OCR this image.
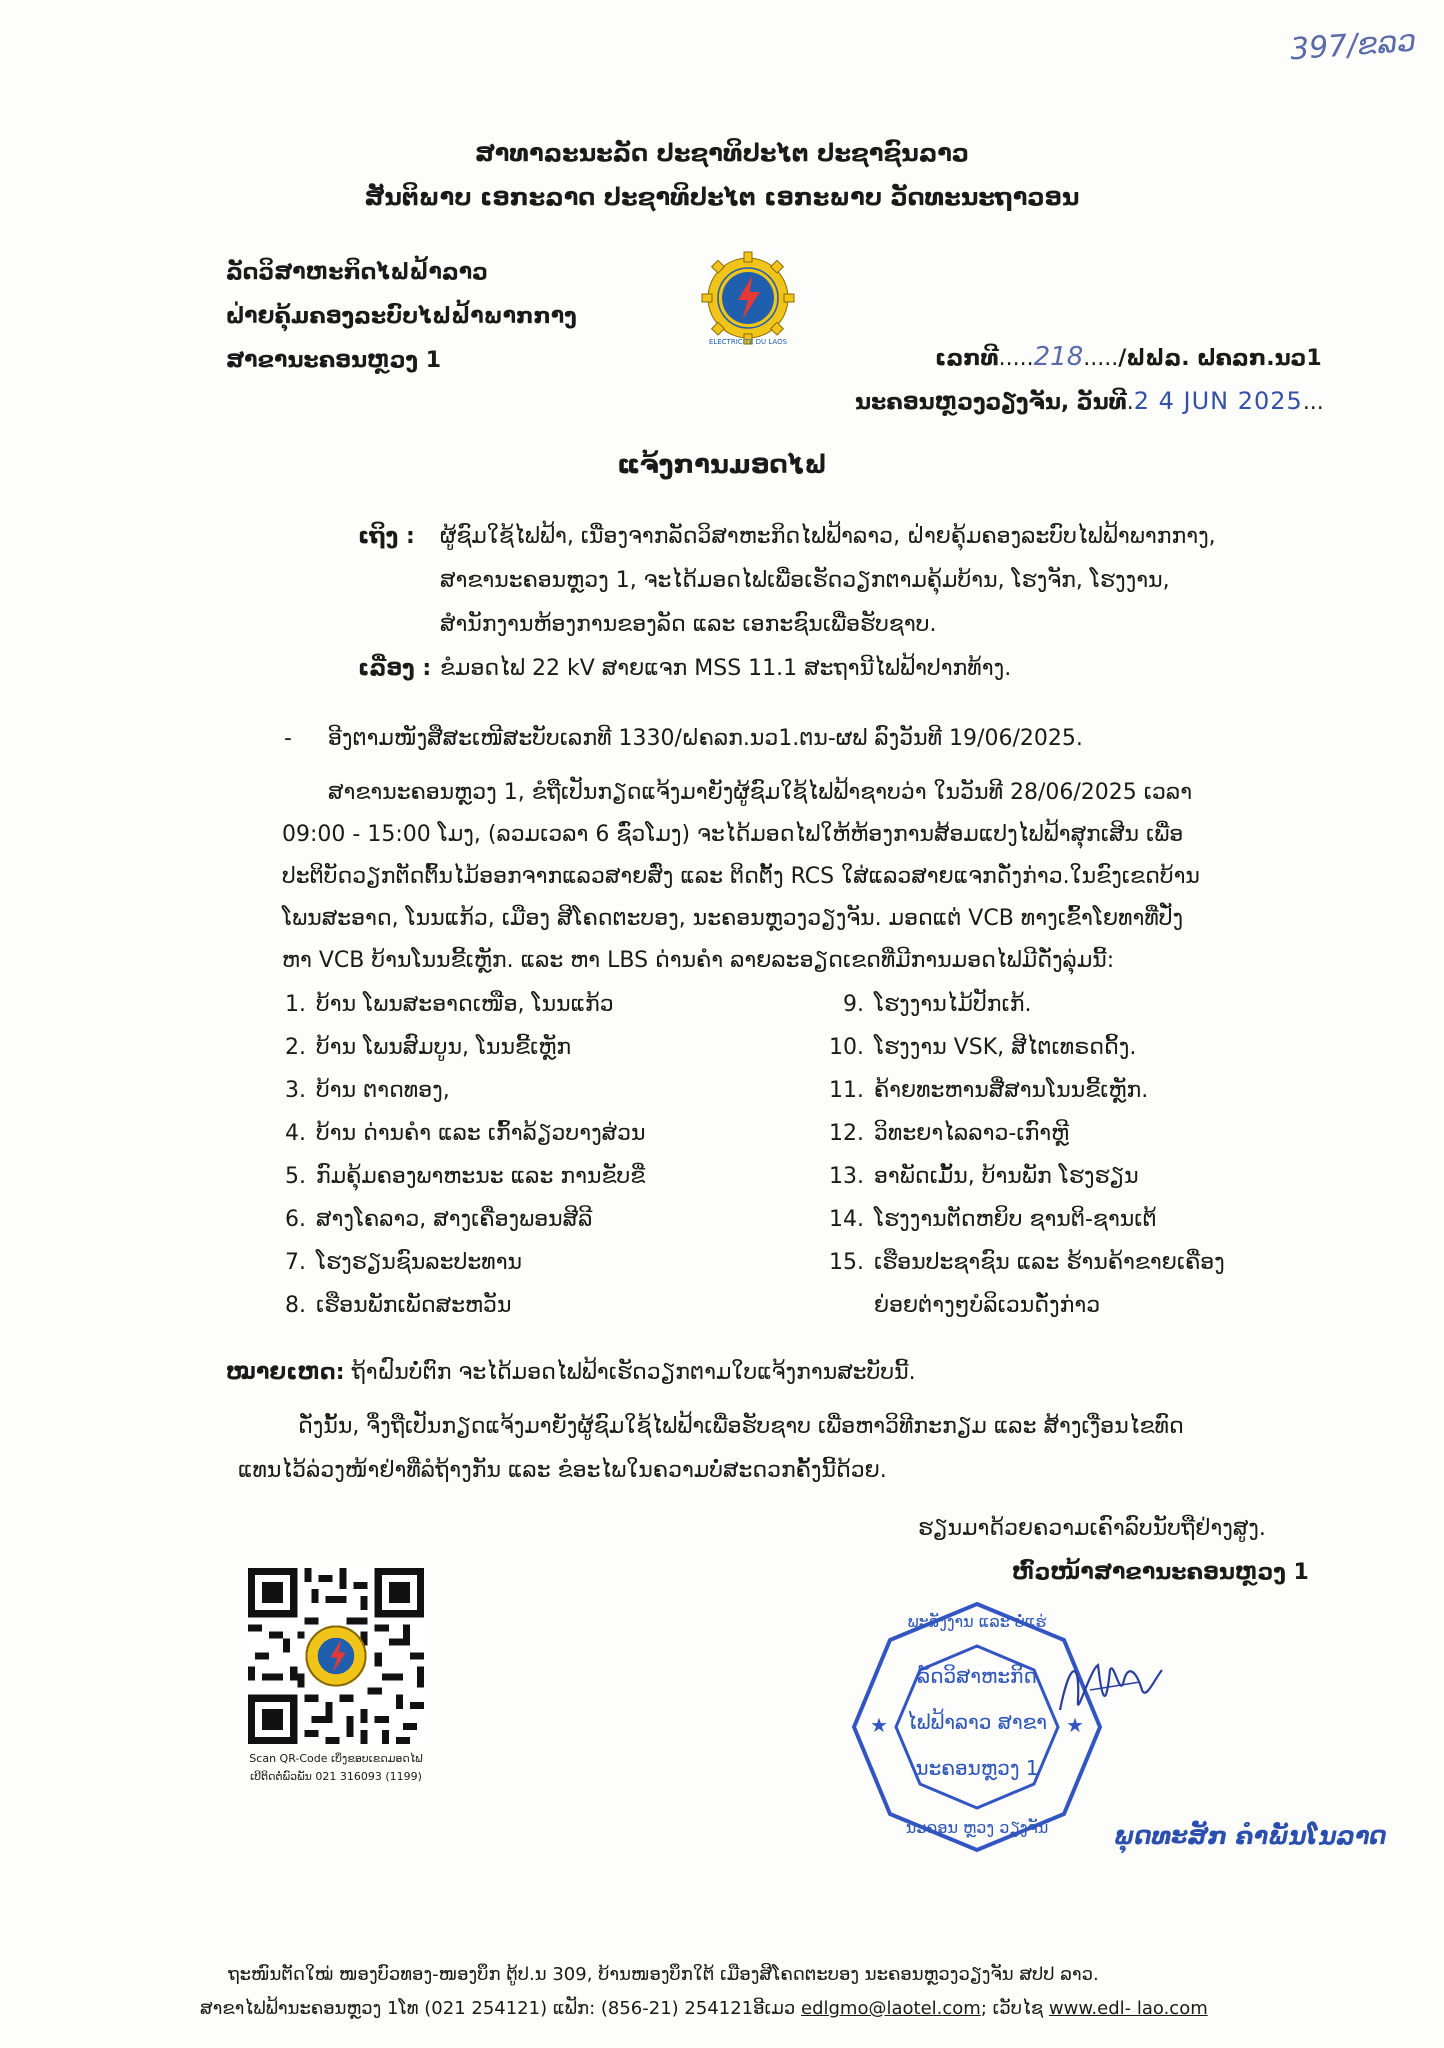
397/ຂລວ
ສາທາລະນະລັດ ປະຊາທິປະໄຕ ປະຊາຊົນລາວ
ສັນຕິພາບ ເອກະລາດ ປະຊາທິປະໄຕ ເອກະພາບ ວັດທະນະຖາວອນ
ລັດວິສາຫະກິດໄຟຟ້າລາວ
ຝ່າຍຄຸ້ມຄອງລະບົບໄຟຟ້າພາກກາງ
ສາຂານະຄອນຫຼວງ 1
ELECTRICITE DU LAOS
ເລກທີ.....218...../ຟຟລ. ຝຄລກ.ນວ1
ນະຄອນຫຼວງວຽງຈັນ, ວັນທີ.2 4 JUN 2025...
ແຈ້ງການມອດໄຟ
ເຖິງ : ຜູ້ຊົມໃຊ້ໄຟຟ້າ, ເນື່ອງຈາກລັດວິສາຫະກິດໄຟຟ້າລາວ, ຝ່າຍຄຸ້ມຄອງລະບົບໄຟຟ້າພາກກາງ,
ສາຂານະຄອນຫຼວງ 1, ຈະໄດ້ມອດໄຟເພື່ອເຮັດວຽກຕາມຄຸ້ມບ້ານ, ໂຮງຈັກ, ໂຮງງານ,
ສຳນັກງານຫ້ອງການຂອງລັດ ແລະ ເອກະຊົນເພື່ອຮັບຊາບ.
ເລື່ອງ : ຂໍມອດໄຟ 22 kV ສາຍແຈກ MSS 11.1 ສະຖານີໄຟຟ້າປາກທ້າງ.
- ອີງຕາມໜັງສືສະເໜີສະບັບເລກທີ 1330/ຝຄລກ.ນວ1.ຕນ-ຜຟ ລົງວັນທີ 19/06/2025.
ສາຂານະຄອນຫຼວງ 1, ຂໍຖືເປັນກຽດແຈ້ງມາຍັງຜູ້ຊົມໃຊ້ໄຟຟ້າຊາບວ່າ ໃນວັນທີ 28/06/2025 ເວລາ
09:00 - 15:00 ໂມງ, (ລວມເວລາ 6 ຊົ່ວໂມງ) ຈະໄດ້ມອດໄຟໃຫ້ຫ້ອງການສ້ອມແປງໄຟຟ້າສຸກເສີນ ເພື່ອ
ປະຕິບັດວຽກຕັດຕົ້ນໄມ້ອອກຈາກແລວສາຍສົ່ງ ແລະ ຕິດຕັ້ງ RCS ໃສ່ແລວສາຍແຈກດັ່ງກ່າວ.ໃນຂົງເຂດບ້ານ
ໂພນສະອາດ, ໂນນແກ້ວ, ເມືອງ ສີໂຄດຕະບອງ, ນະຄອນຫຼວງວຽງຈັນ. ມອດແຕ່ VCB ທາງເຂົ້າໂຍທາທີ່ປັ່ງ
ຫາ VCB ບ້ານໂນນຂີ້ເຫຼັກ. ແລະ ຫາ LBS ດ່ານຄຳ ລາຍລະອຽດເຂດທີ່ມີການມອດໄຟມີດັ່ງລຸ່ມນີ້:
1. ບ້ານ ໂພນສະອາດເໜືອ, ໂນນແກ້ວ
2. ບ້ານ ໂພນສົມບູນ, ໂນນຂີ້ເຫຼັກ
3. ບ້ານ ຕາດທອງ,
4. ບ້ານ ດ່ານຄຳ ແລະ ເກົ້າລ້ຽວບາງສ່ວນ
5. ກົມຄຸ້ມຄອງພາຫະນະ ແລະ ການຂັບຂີ່
6. ສາງໂຄລາວ, ສາງເຄື່ອງພອນສີລີ
7. ໂຮງຮຽນຊົນລະປະທານ
8. ເຮືອນພັກເພັດສະຫວັນ
9. ໂຮງງານໄມ້ປັກເກ້.
10. ໂຮງງານ VSK, ສີໄຕເທຣດດິ້ງ.
11. ຄ້າຍທະຫານສື່ສານໂນນຂີ້ເຫຼັກ.
12. ວິທະຍາໄລລາວ-ເກົາຫຼີ
13. ອາພັດເມັ້ນ, ບ້ານພັກ ໂຮງຮຽນ
14. ໂຮງງານຕັດຫຍິບ ຊານຕິ-ຊານເຕ້
15. ເຮືອນປະຊາຊົນ ແລະ ຮ້ານຄ້າຂາຍເຄື່ອງ
ຍ່ອຍຕ່າງໆບໍລິເວນດັ່ງກ່າວ
ໝາຍເຫດ: ຖ້າຝົນບໍ່ຕົກ ຈະໄດ້ມອດໄຟຟ້າເຮັດວຽກຕາມໃບແຈ້ງການສະບັບນີ້.
ດັ່ງນັ້ນ, ຈຶ່ງຖືເປັນກຽດແຈ້ງມາຍັງຜູ້ຊົມໃຊ້ໄຟຟ້າເພື່ອຮັບຊາບ ເພື່ອຫາວິທີກະກຽມ ແລະ ສ້າງເງື່ອນໄຂທົດ
ແທນໄວ້ລ່ວງໜ້າຢ່າທີ່ລໍຖ້າງກັນ ແລະ ຂໍອະໄພໃນຄວາມບໍ່ສະດວກຄັ້ງນີ້ດ້ວຍ.
ຮຽນມາດ້ວຍຄວາມເຄົາລົບນັບຖືຢ່າງສູງ.
ຫົວໜ້າສາຂານະຄອນຫຼວງ 1
Scan QR-Code ເບິ່ງຂອບເຂດມອດໄຟ
ເບີຕິດຕໍ່ພົວພັນ 021 316093 (1199)
★	★
ພະລັງງານ ແລະ ບໍ່ແຮ່
ລັດວິສາຫະກິດ
ໄຟຟ້າລາວ ສາຂາ
ນະຄອນຫຼວງ 1
ນະຄອນ ຫຼວງ ວຽງຈັນ	ພຸດທະສັກ ຄຳພັນໂນລາດ
ຖະໜົນຕັດໃໝ່ ໜອງບົວທອງ-ໜອງບຶກ ຕູ້ປ.ນ 309, ບ້ານໜອງບຶກໃຕ້ ເມືອງສີໂຄດຕະບອງ ນະຄອນຫຼວງວຽງຈັນ ສປປ ລາວ.
ສາຂາໄຟຟ້ານະຄອນຫຼວງ 1ໂທ (021 254121) ແຟັກ: (856-21) 254121ອີເມວ edlgmo@laotel.com; ເວັບໄຊ www.edl- lao.com
